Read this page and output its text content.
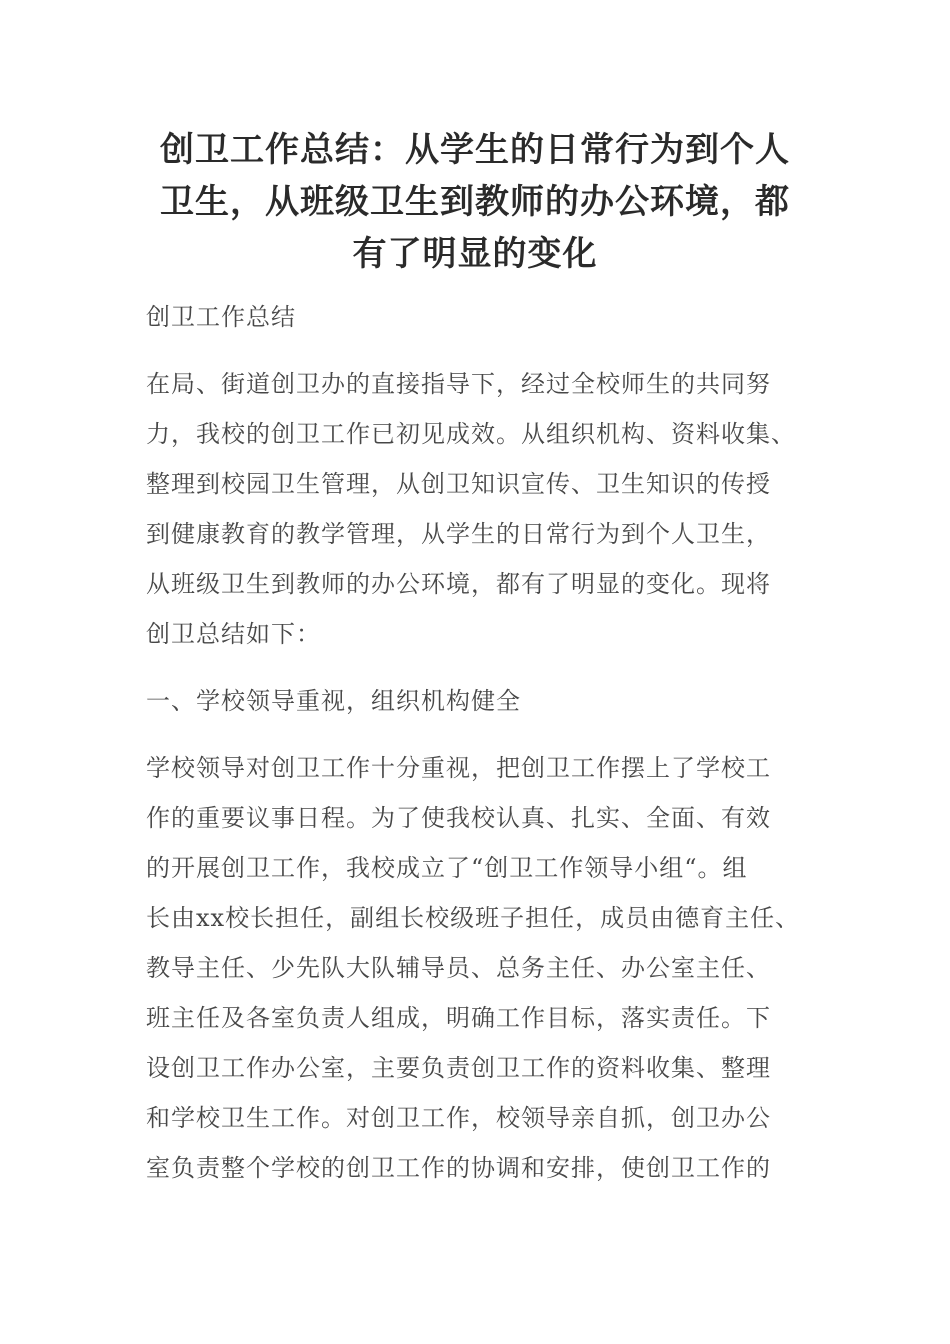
创卫工作总结：从学生的日常行为到个人
卫生，从班级卫生到教师的办公环境，都
有了明显的变化
创卫工作总结
在局、街道创卫办的直接指导下，经过全校师生的共同努
力，我校的创卫工作已初见成效。从组织机构、资料收集、
整理到校园卫生管理，从创卫知识宣传、卫生知识的传授
到健康教育的教学管理，从学生的日常行为到个人卫生，
从班级卫生到教师的办公环境，都有了明显的变化。现将
创卫总结如下：
一、学校领导重视，组织机构健全
学校领导对创卫工作十分重视，把创卫工作摆上了学校工
作的重要议事日程。为了使我校认真、扎实、全面、有效
的开展创卫工作，我校成立了“创卫工作领导小组“。组
长由xx校长担任，副组长校级班子担任，成员由德育主任、
教导主任、少先队大队辅导员、总务主任、办公室主任、
班主任及各室负责人组成，明确工作目标，落实责任。下
设创卫工作办公室，主要负责创卫工作的资料收集、整理
和学校卫生工作。对创卫工作，校领导亲自抓，创卫办公
室负责整个学校的创卫工作的协调和安排，使创卫工作的
